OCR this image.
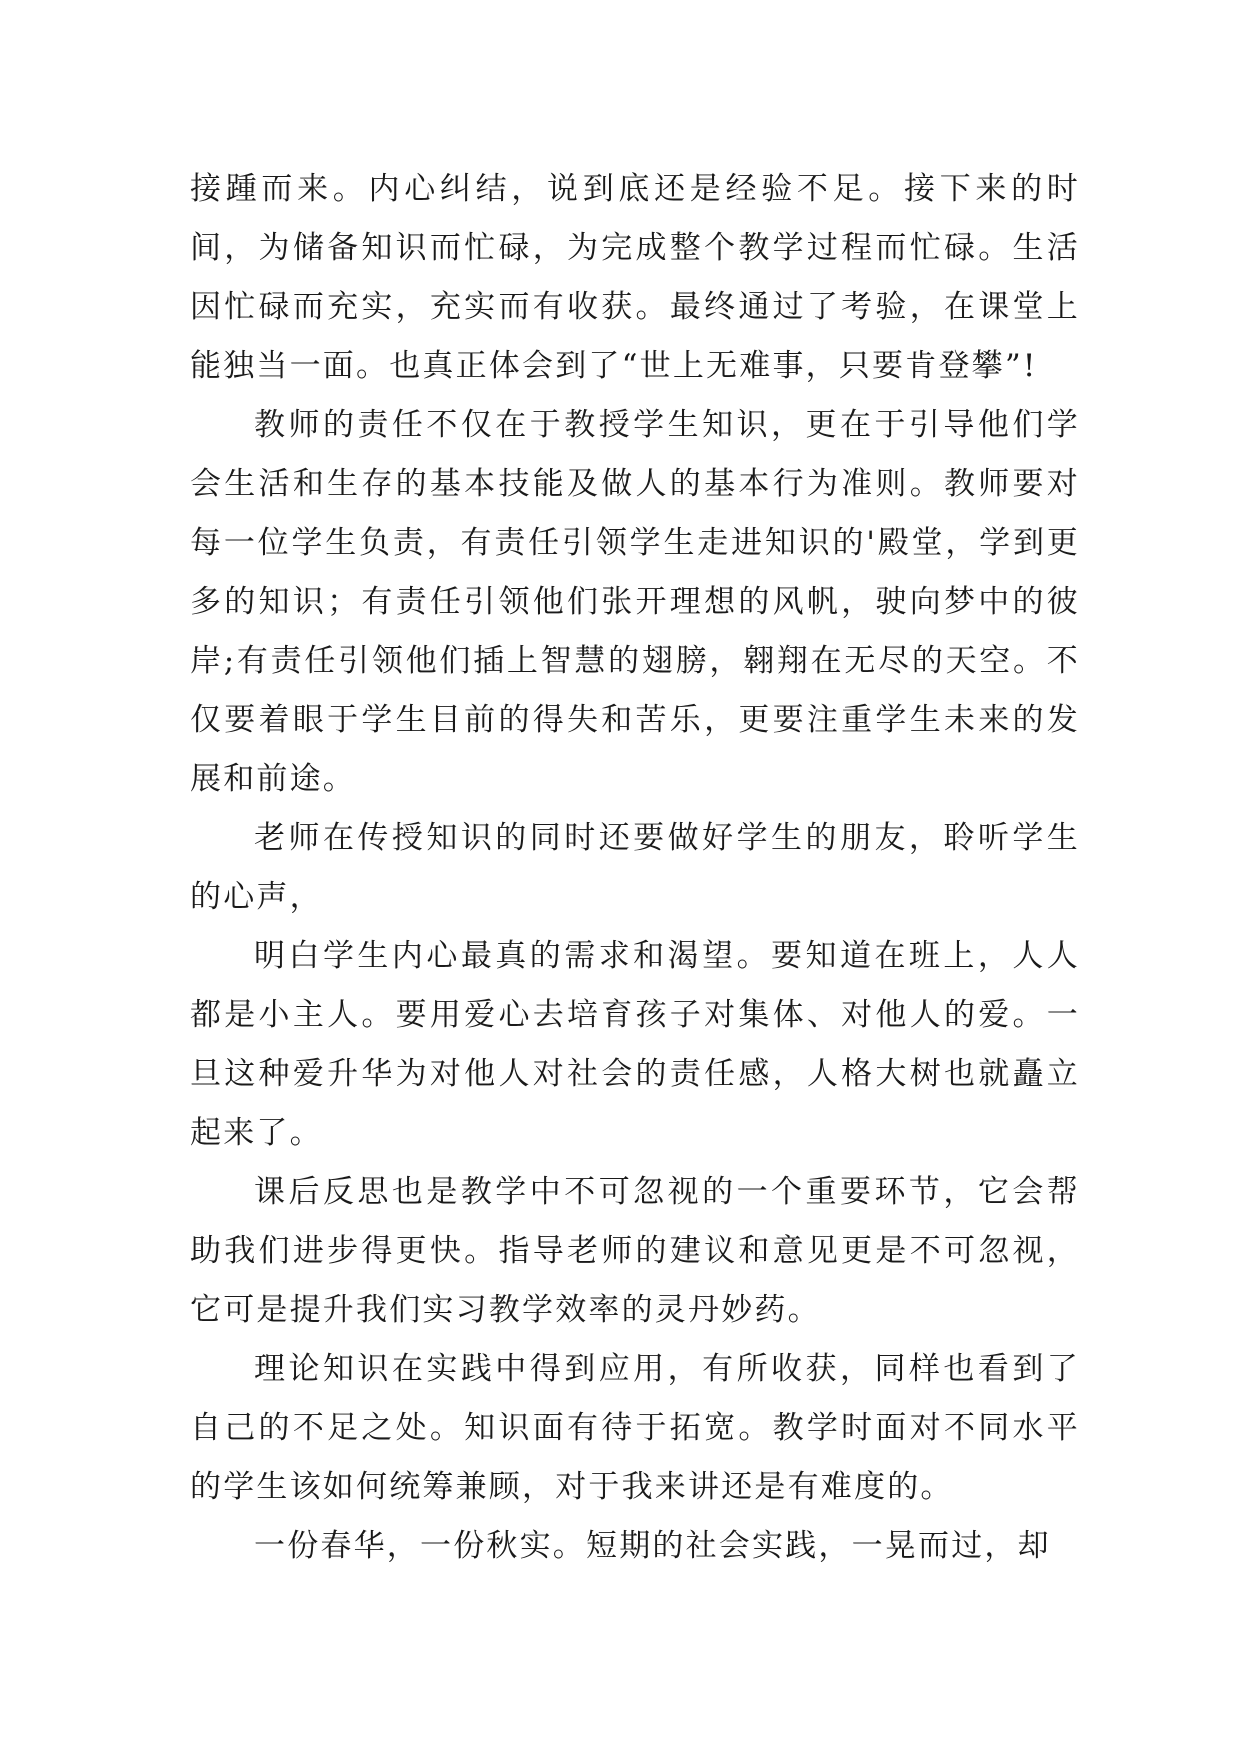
接踵而来。内心纠结，说到底还是经验不足。接下来的时间，为储备知识而忙碌，为完成整个教学过程而忙碌。生活因忙碌而充实，充实而有收获。最终通过了考验，在课堂上能独当一面。也真正体会到了“世上无难事，只要肯登攀”!

教师的责任不仅在于教授学生知识，更在于引导他们学会生活和生存的基本技能及做人的基本行为准则。教师要对每一位学生负责，有责任引领学生走进知识的'殿堂，学到更多的知识；有责任引领他们张开理想的风帆，驶向梦中的彼岸;有责任引领他们插上智慧的翅膀，翱翔在无尽的天空。不仅要着眼于学生目前的得失和苦乐，更要注重学生未来的发展和前途。

老师在传授知识的同时还要做好学生的朋友，聆听学生的心声，

明白学生内心最真的需求和渴望。要知道在班上，人人都是小主人。要用爱心去培育孩子对集体、对他人的爱。一旦这种爱升华为对他人对社会的责任感，人格大树也就矗立起来了。

课后反思也是教学中不可忽视的一个重要环节，它会帮助我们进步得更快。指导老师的建议和意见更是不可忽视，它可是提升我们实习教学效率的灵丹妙药。

理论知识在实践中得到应用，有所收获，同样也看到了自己的不足之处。知识面有待于拓宽。教学时面对不同水平的学生该如何统筹兼顾，对于我来讲还是有难度的。

一份春华，一份秋实。短期的社会实践，一晃而过，却
